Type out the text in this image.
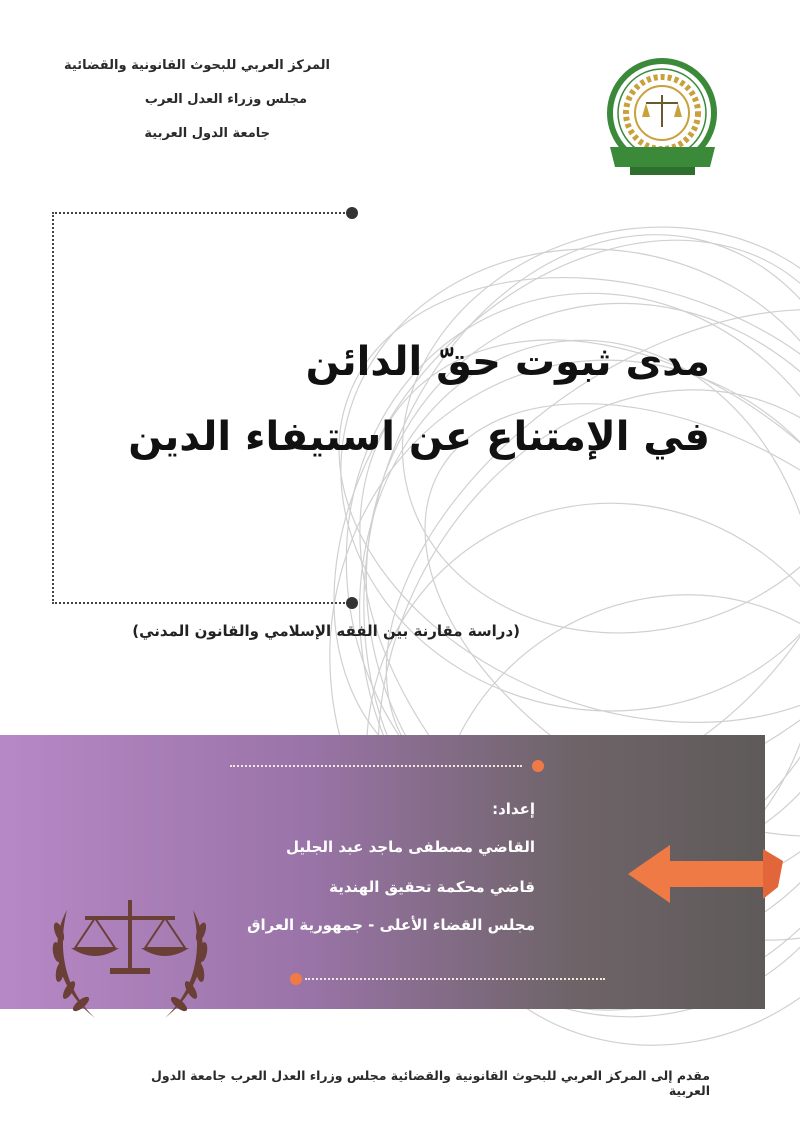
المركز العربي للبحوث القانونية والقضائية
مجلس وزراء العدل العرب
جامعة الدول العربية
مدى ثبوت حقّ الدائن
في الإمتناع عن استيفاء الدين
(دراسة مقارنة بين الفقه الإسلامي والقانون المدني)
إعداد:
القاضي مصطفى ماجد عبد الجليل
قاضي محكمة تحقيق الهندية
مجلس القضاء الأعلى - جمهورية العراق
مقدم إلى المركز العربي للبحوث القانونية والقضائية مجلس وزراء العدل العرب جامعة الدول العربية
